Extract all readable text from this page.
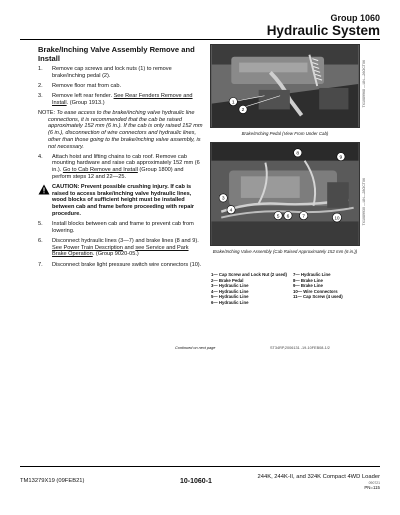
Group 1060
Hydraulic System
Brake/Inching Valve Assembly Remove and Install
1. Remove cap screws and lock nuts (1) to remove brake/inching pedal (2).
2. Remove floor mat from cab.
3. Remove left rear fender. See Rear Fenders Remove and Install. (Group 1913.)
NOTE: To ease access to the brake/inching valve hydraulic line connections, it is recommended that the cab be raised approximately 152 mm (6 in.). If the cab is only raised 152 mm (6 in.), disconnection of wire connectors and hydraulic lines, other than those going to the brake/inching valve assembly, is not necessary.
4. Attach hoist and lifting chains to cab roof. Remove cab mounting hardware and raise cab approximately 152 mm (6 in.). Go to Cab Remove and Install (Group 1800) and perform steps 12 and 22—25.
CAUTION: Prevent possible crushing injury. If cab is raised to access brake/inching valve hydraulic lines, wood blocks of sufficient height must be installed between cab and frame before proceeding with repair procedure.
5. Install blocks between cab and frame to prevent cab from lowering.
6. Disconnect hydraulic lines (3—7) and brake lines (8 and 9). See Power Train Description and see Service and Park Brake Operation. (Group 9020-05.)
7. Disconnect brake light pressure switch wire connectors (10).
1
2
TX1089968 —UN—26OCT06
Brake/Inching Pedal (View From Under Cab)
3
4
5 6	7
8
9
10	TX1089930 —UN—28OCT06
Brake/Inching Valve Assembly (Cab Raised Approximately 152 mm (6 in.))
1— Cap Screw and Lock Nut (2 used)
2— Brake Pedal
3— Hydraulic Line
4— Hydraulic Line
5— Hydraulic Line
6— Hydraulic Line
7— Hydraulic Line
8— Brake Line
9— Brake Line
10— Wire Connectors
11— Cap Screw (4 used)
Continued on next page	ST34RP,2006131 -19-10FEB08-1/2
TM13279X19 (09FEB21)	10-1060-1
244K, 244K-II, and 324K Compact 4WD Loader
090721
PN=115
